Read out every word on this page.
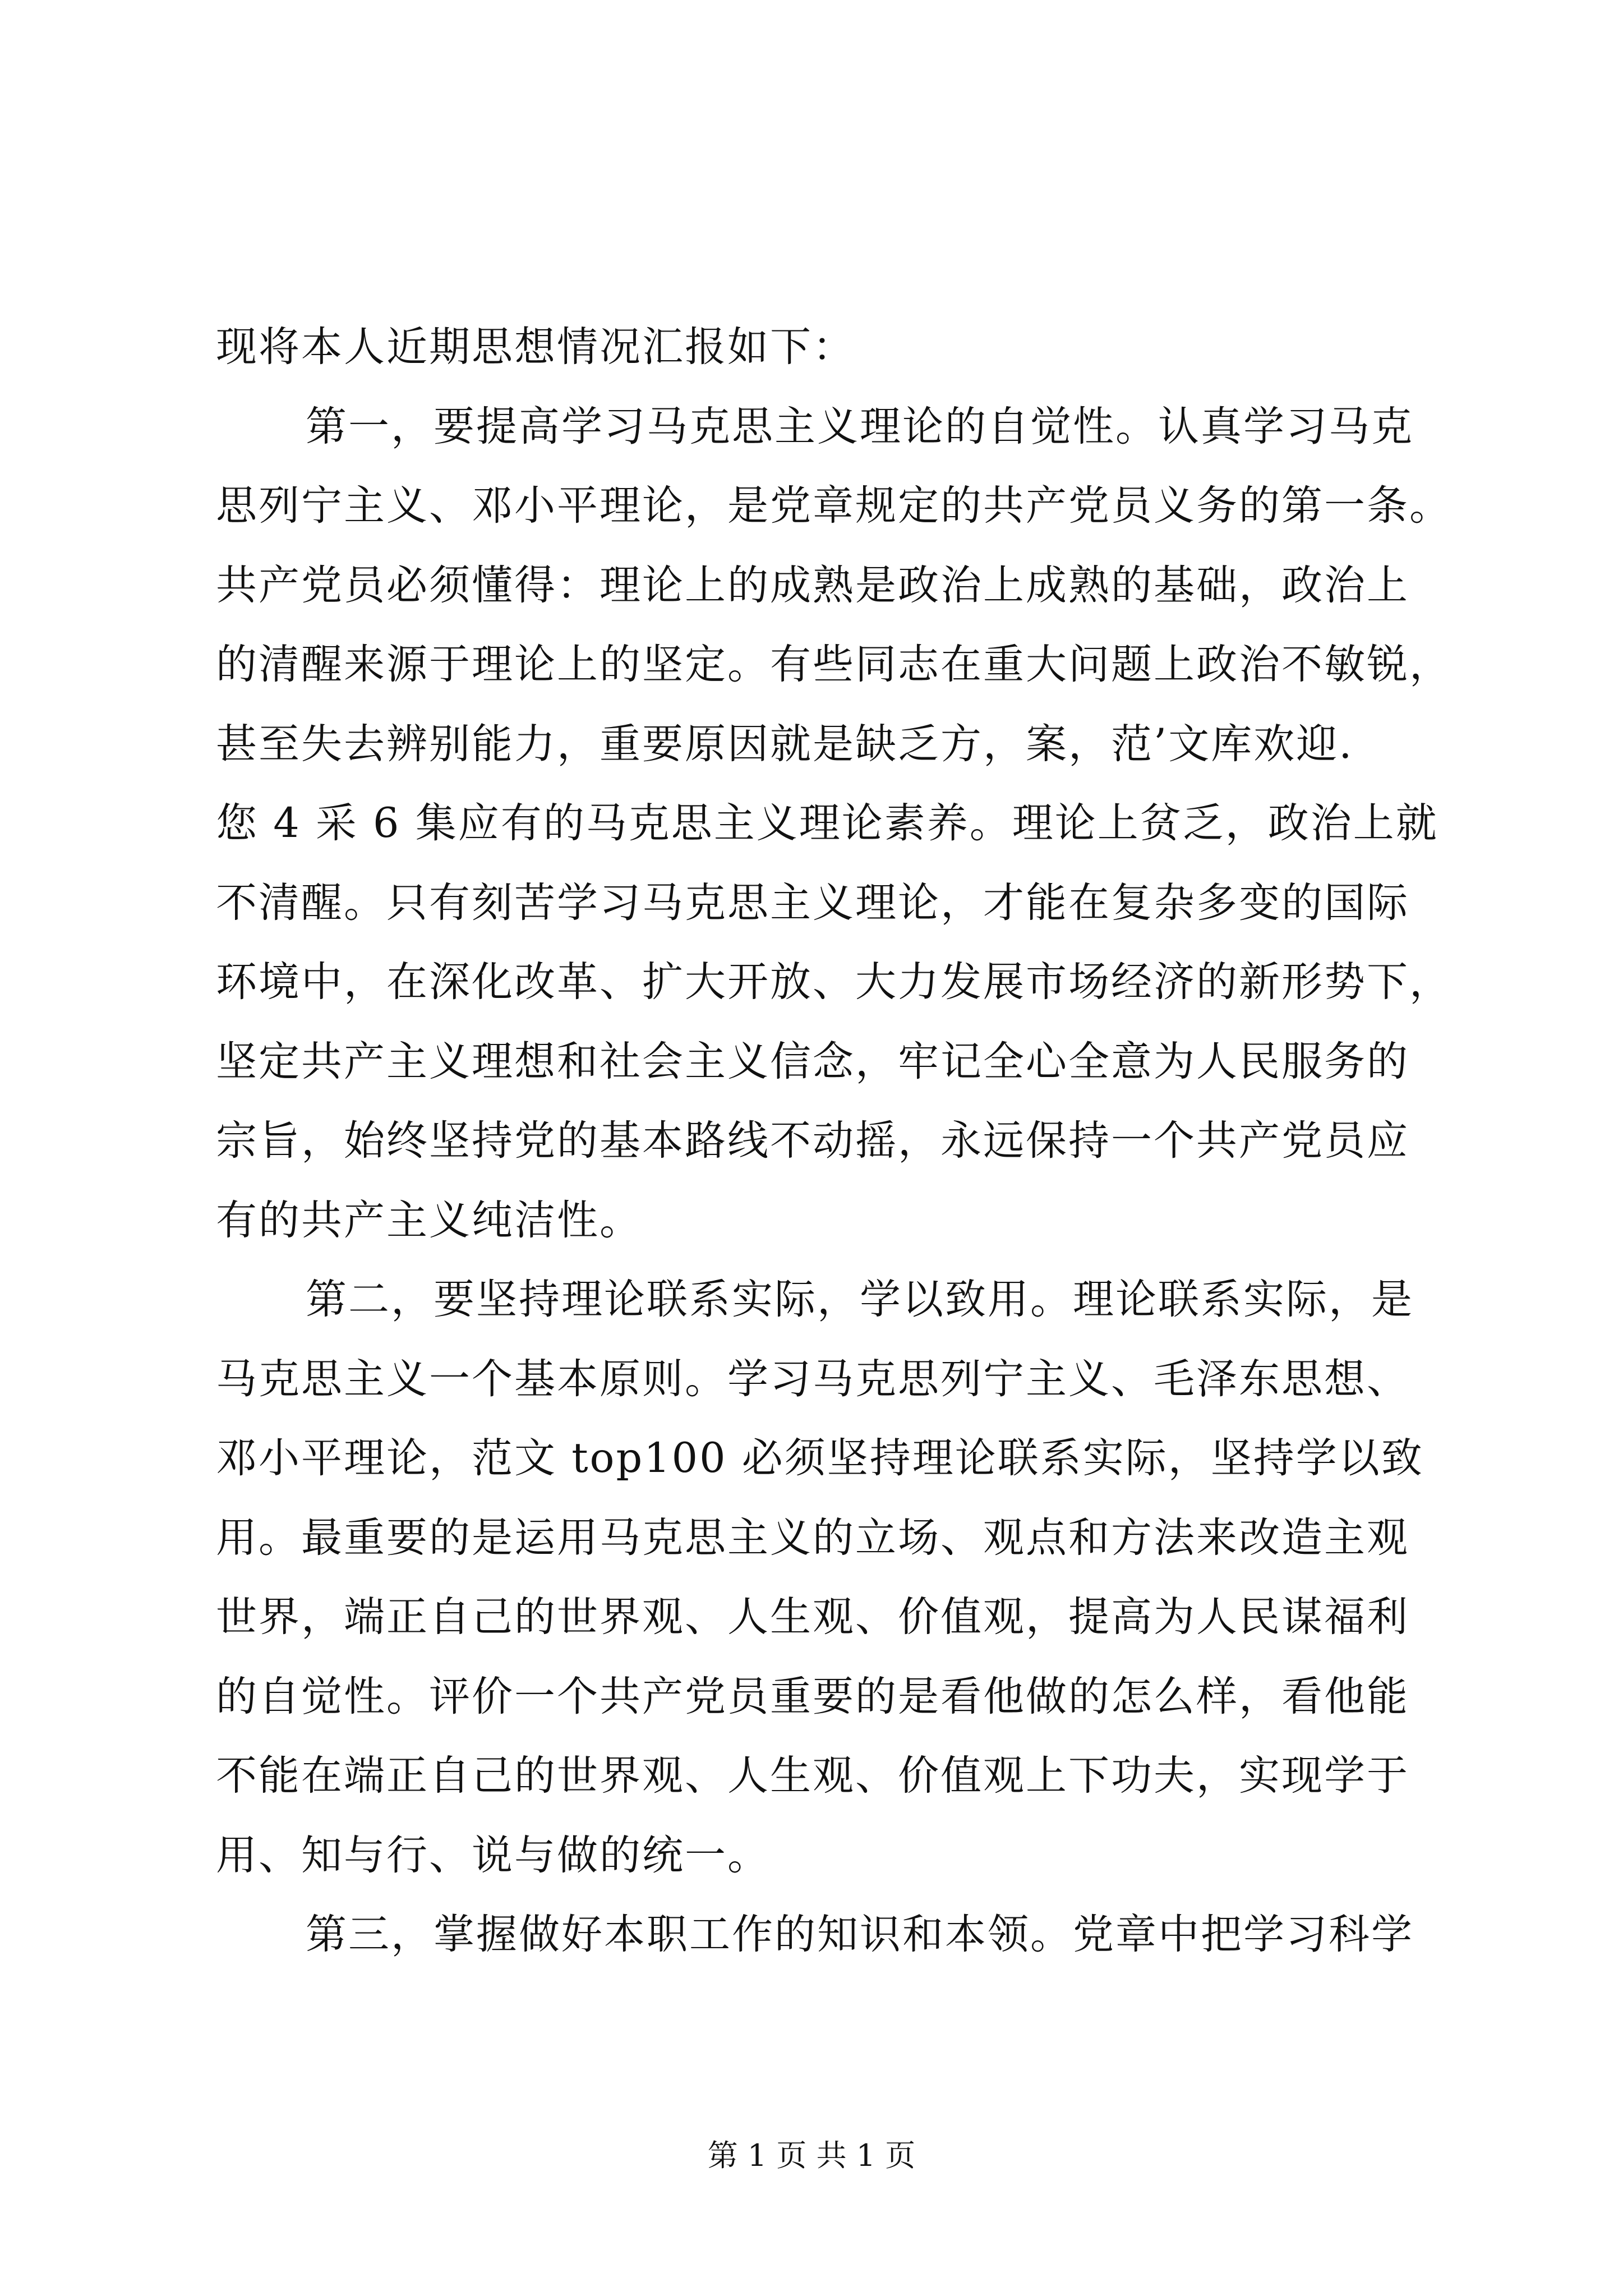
现将本人近期思想情况汇报如下：
第一，要提高学习马克思主义理论的自觉性。认真学习马克
思列宁主义、邓小平理论，是党章规定的共产党员义务的第一条。
共产党员必须懂得：理论上的成熟是政治上成熟的基础，政治上
的清醒来源于理论上的坚定。有些同志在重大问题上政治不敏锐，
甚至失去辨别能力，重要原因就是缺乏方，案，范’文库欢迎.
您 4 采 6 集应有的马克思主义理论素养。理论上贫乏，政治上就
不清醒。只有刻苦学习马克思主义理论，才能在复杂多变的国际
环境中，在深化改革、扩大开放、大力发展市场经济的新形势下，
坚定共产主义理想和社会主义信念，牢记全心全意为人民服务的
宗旨，始终坚持党的基本路线不动摇，永远保持一个共产党员应
有的共产主义纯洁性。
第二，要坚持理论联系实际，学以致用。理论联系实际，是
马克思主义一个基本原则。学习马克思列宁主义、毛泽东思想、
邓小平理论，范文 top100 必须坚持理论联系实际，坚持学以致
用。最重要的是运用马克思主义的立场、观点和方法来改造主观
世界，端正自己的世界观、人生观、价值观，提高为人民谋福利
的自觉性。评价一个共产党员重要的是看他做的怎么样，看他能
不能在端正自己的世界观、人生观、价值观上下功夫，实现学于
用、知与行、说与做的统一。
第三，掌握做好本职工作的知识和本领。党章中把学习科学
第 1 页 共 1 页
